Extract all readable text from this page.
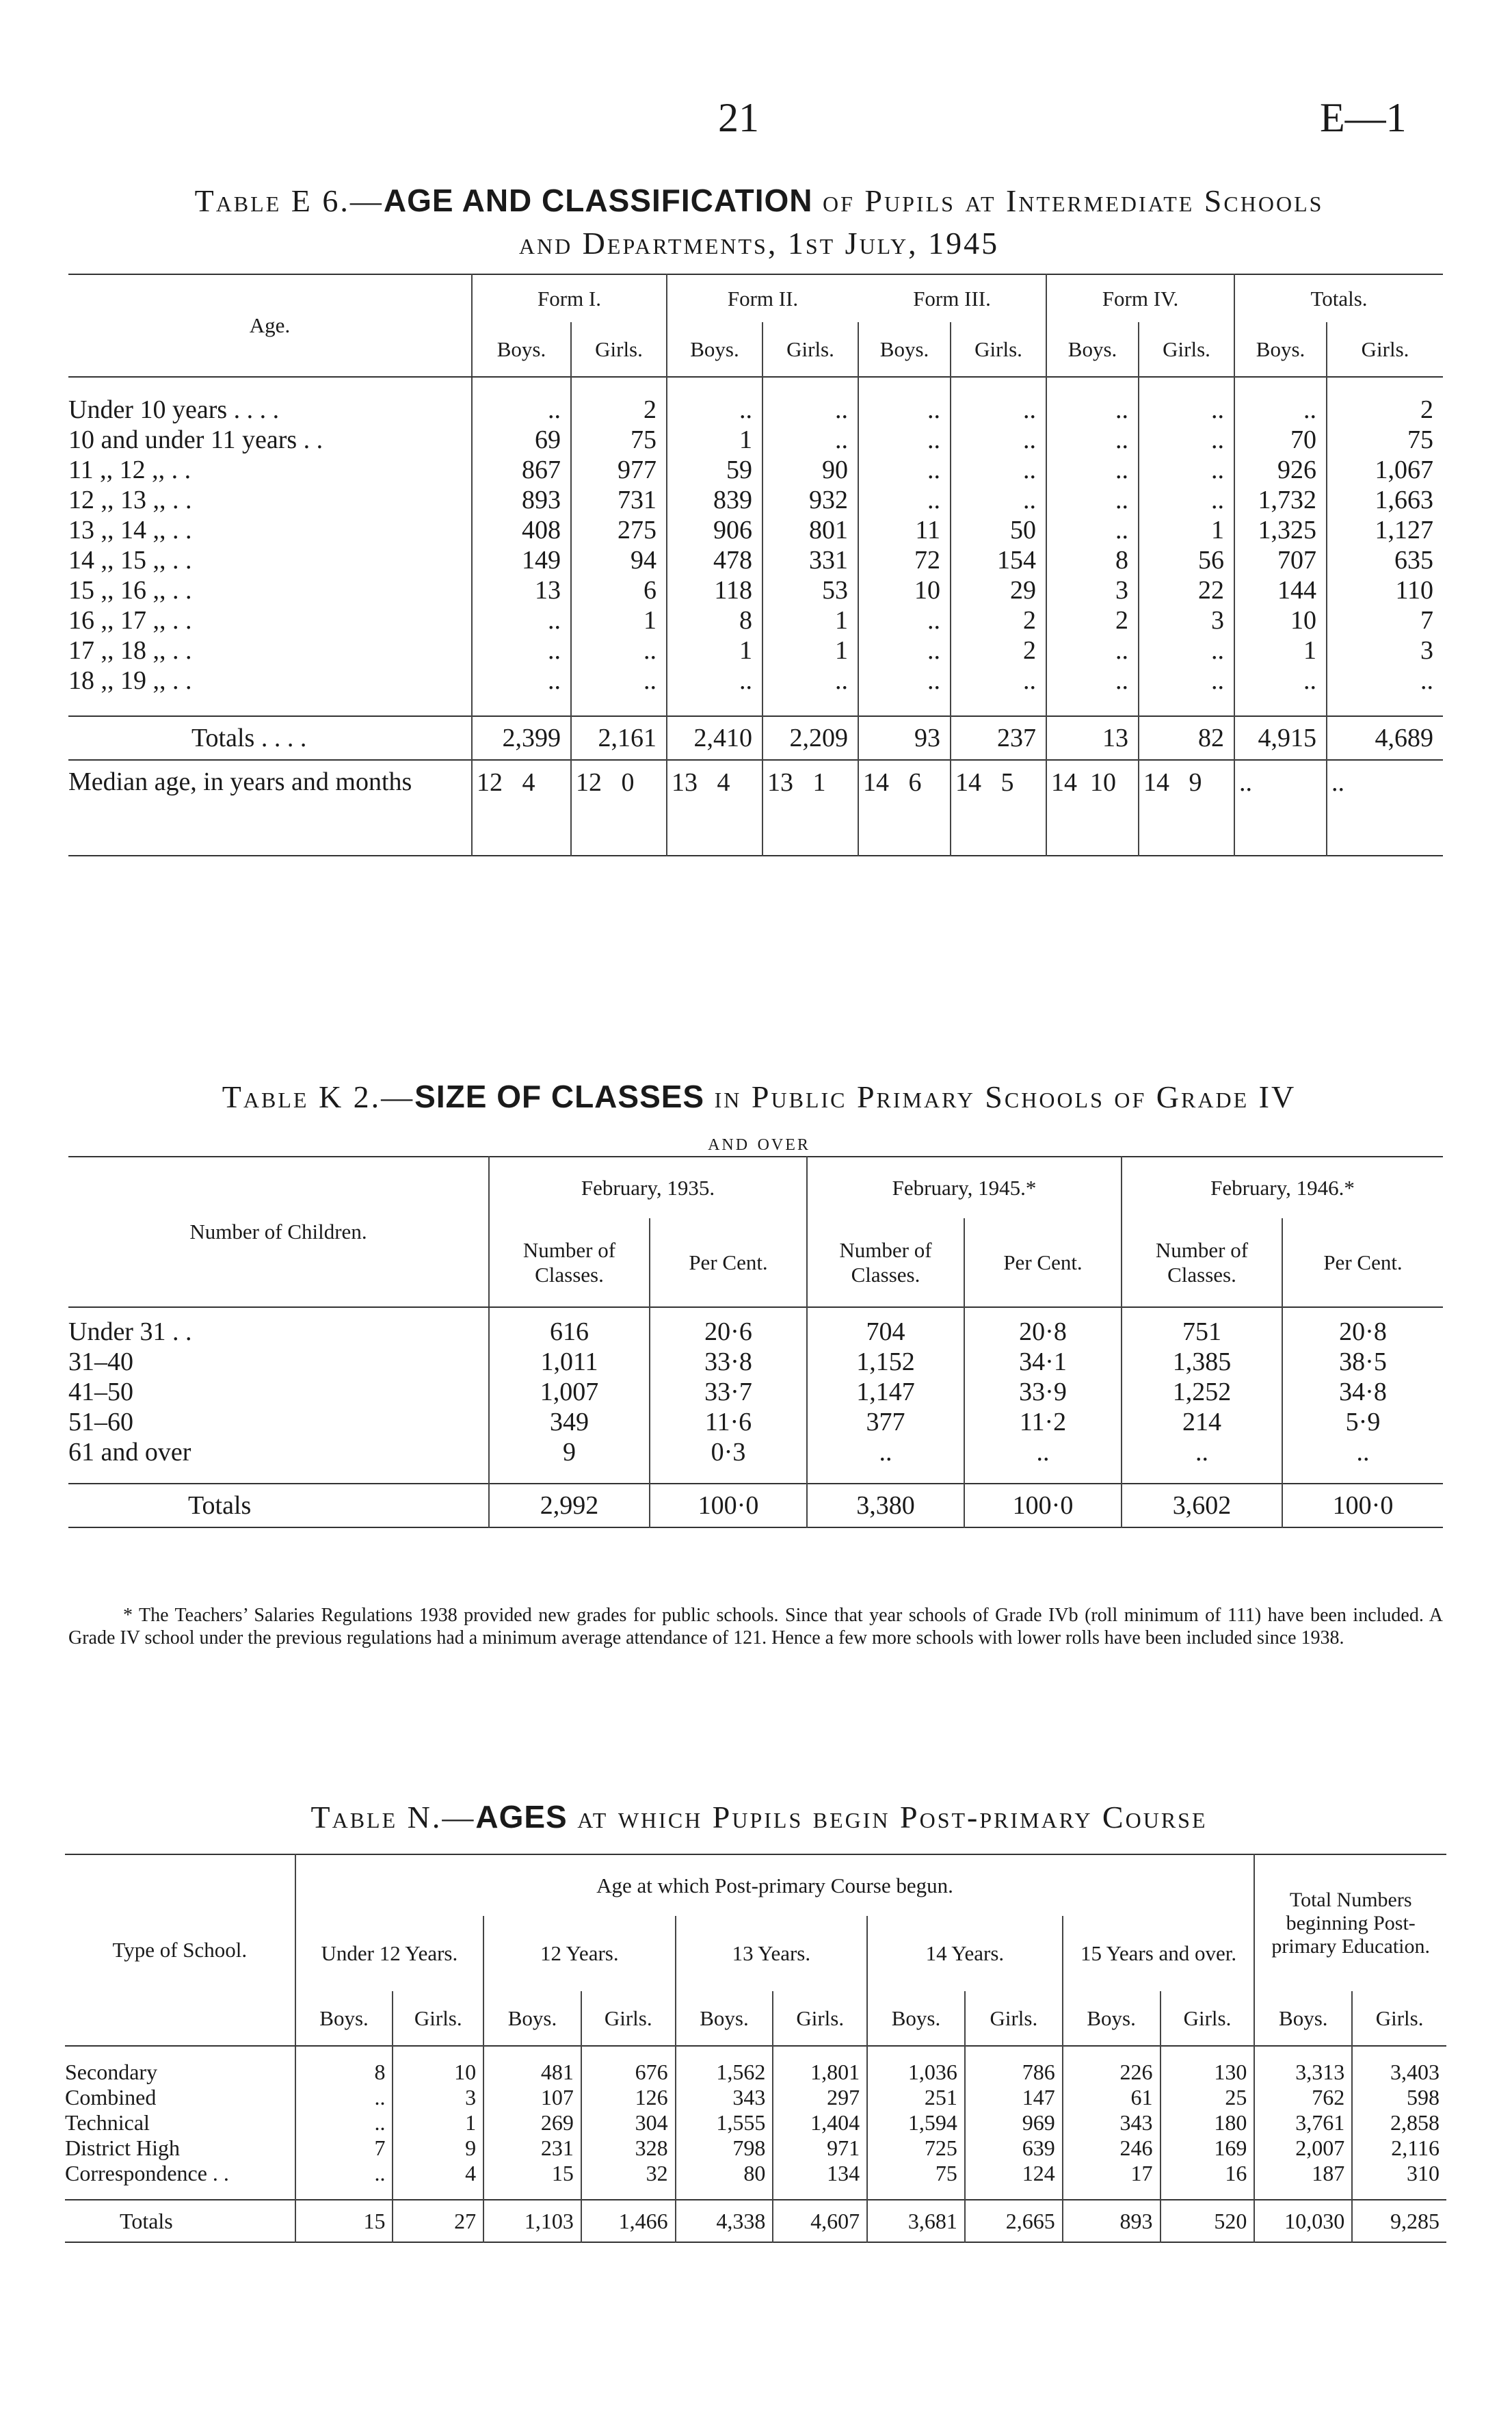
21	E—1
Table E 6.—AGE AND CLASSIFICATION of Pupils at Intermediate Schools
and Departments, 1st July, 1945
Age.	Form I.		Form II.		Form III.		Form IV.		Totals.	
	Boys.	Girls.	Boys.	Girls.	Boys.	Girls.	Boys.	Girls.	Boys.	Girls.

Under 10 years . . . .	..	2	..	..	..	..	..	..	..	2
10 and under 11 years . .	69	75	1	..	..	..	..	..	70	75
11 ,, 12 ,, . .	867	977	59	90	..	..	..	..	926	1,067
12 ,, 13 ,, . .	893	731	839	932	..	..	..	..	1,732	1,663
13 ,, 14 ,, . .	408	275	906	801	11	50	..	1	1,325	1,127
14 ,, 15 ,, . .	149	94	478	331	72	154	8	56	707	635
15 ,, 16 ,, . .	13	6	118	53	10	29	3	22	144	110
16 ,, 17 ,, . .	..	1	8	1	..	2	2	3	10	7
17 ,, 18 ,, . .	..	..	1	1	..	2	..	..	1	3
18 ,, 19 ,, . .	..	..	..	..	..	..	..	..	..	..

Totals . . . .	2,399	2,161	2,410	2,209	93	237	13	82	4,915	4,689
Median age, in years and months	12   4	12   0	13   4	13   1	14   6	14   5	14  10	14   9	..	..
Table K 2.—SIZE OF CLASSES in Public Primary Schools of Grade IV
and over
Number of Children.	February, 1935.		February, 1945.*		February, 1946.*	
	Number of Classes.	Per Cent.	Number of Classes.	Per Cent.	Number of Classes.	Per Cent.

Under 31 . .	616	20·6	704	20·8	751	20·8
31–40	1,011	33·8	1,152	34·1	1,385	38·5
41–50	1,007	33·7	1,147	33·9	1,252	34·8
51–60	349	11·6	377	11·2	214	5·9
61 and over	9	0·3	..	..	..	..

Totals	2,992	100·0	3,380	100·0	3,602	100·0
* The Teachers’ Salaries Regulations 1938 provided new grades for public schools. Since that year schools of Grade IVb (roll minimum of 111) have been included. A Grade IV school under the previous regulations had a minimum average attendance of 121. Hence a few more schools with lower rolls have been included since 1938.
Table N.—AGES at which Pupils begin Post-primary Course
Type of School.	Age at which Post-primary Course begun.										Total Numbers beginning Post-primary Education.	
	Under 12 Years.		12 Years.		13 Years.		14 Years.		15 Years and over.			
	Boys.	Girls.	Boys.	Girls.	Boys.	Girls.	Boys.	Girls.	Boys.	Girls.	Boys.	Girls.

Secondary	8	10	481	676	1,562	1,801	1,036	786	226	130	3,313	3,403
Combined	..	3	107	126	343	297	251	147	61	25	762	598
Technical	..	1	269	304	1,555	1,404	1,594	969	343	180	3,761	2,858
District High	7	9	231	328	798	971	725	639	246	169	2,007	2,116
Correspondence . .	..	4	15	32	80	134	75	124	17	16	187	310

Totals	15	27	1,103	1,466	4,338	4,607	3,681	2,665	893	520	10,030	9,285
